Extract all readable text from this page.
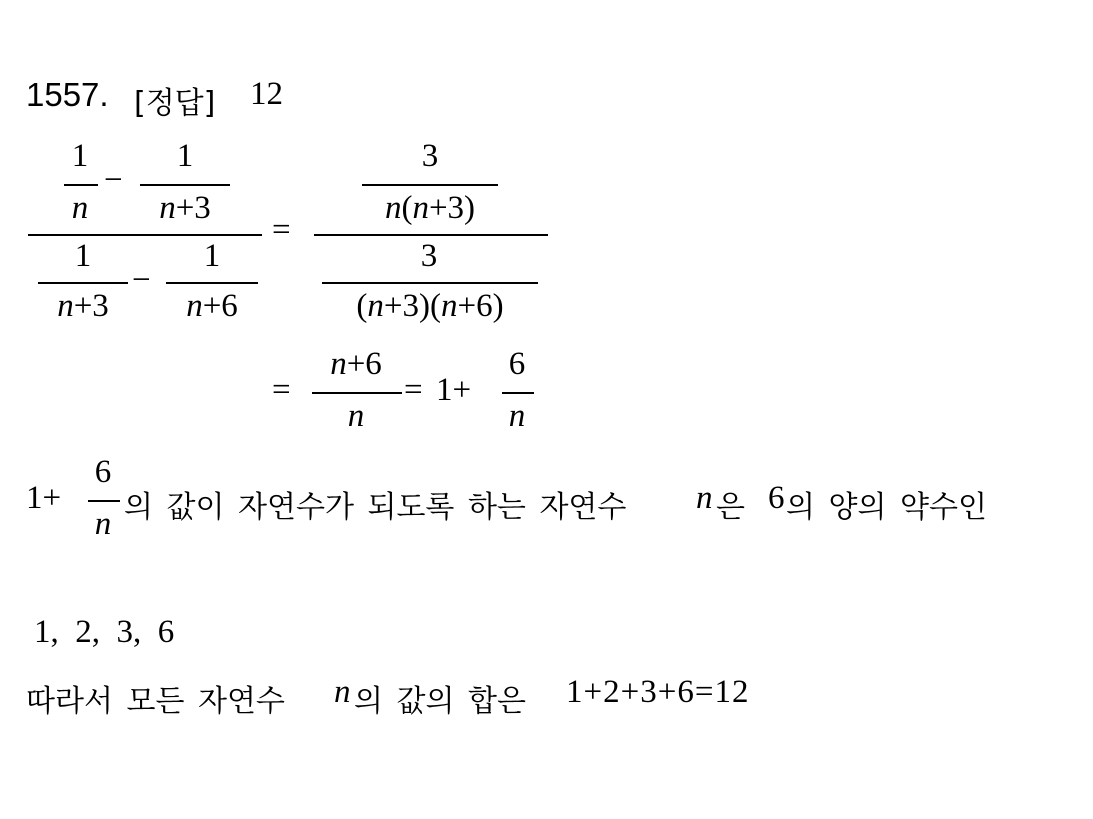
1557. [정답] 12
1
n
−
1
n+3
1
n+3
−
1
n+6
=
3
n(n+3)
3
(n+3)(n+6)
=
n+6
n
= 1+
6
n
1+
6
n 의 값이 자연수가 되도록 하는 자연수 n 은 6 의 양의 약수인
1,  2,  3,  6
따라서 모든 자연수 n 의 값의 합은 1+2+3+6=12
